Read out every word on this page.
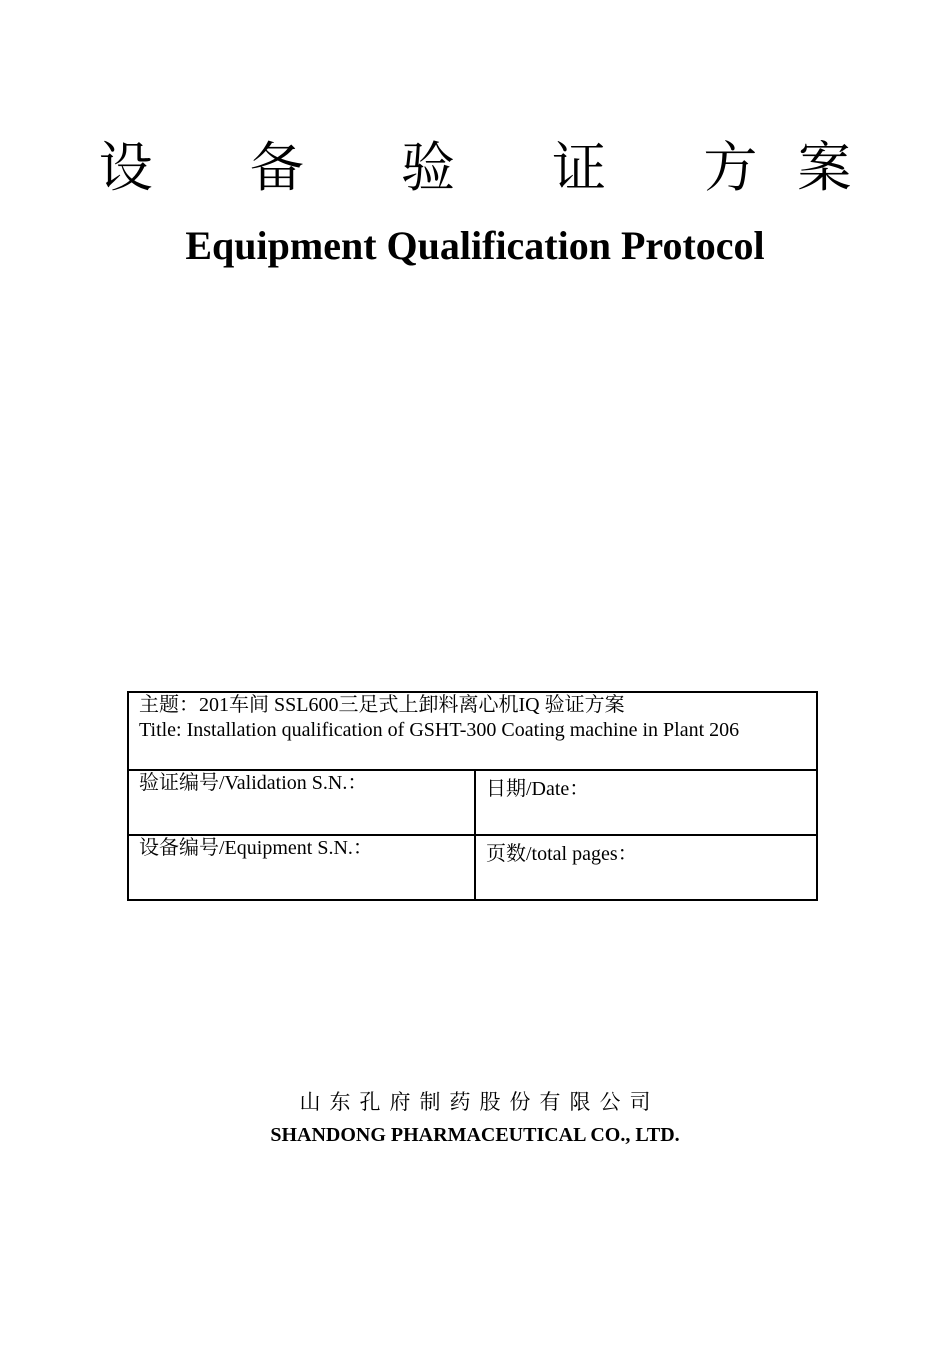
设 备 验 证 方案
Equipment Qualification Protocol
主题：201车间 SSL600三足式上卸料离心机IQ 验证方案
Title: Installation qualification of GSHT-300 Coating machine in Plant 206	

验证编号/Validation S.N.：	日期/Date：
设备编号/Equipment S.N.：	页数/total pages：
山东孔府制药股份有限公司
SHANDONG PHARMACEUTICAL CO., LTD.
